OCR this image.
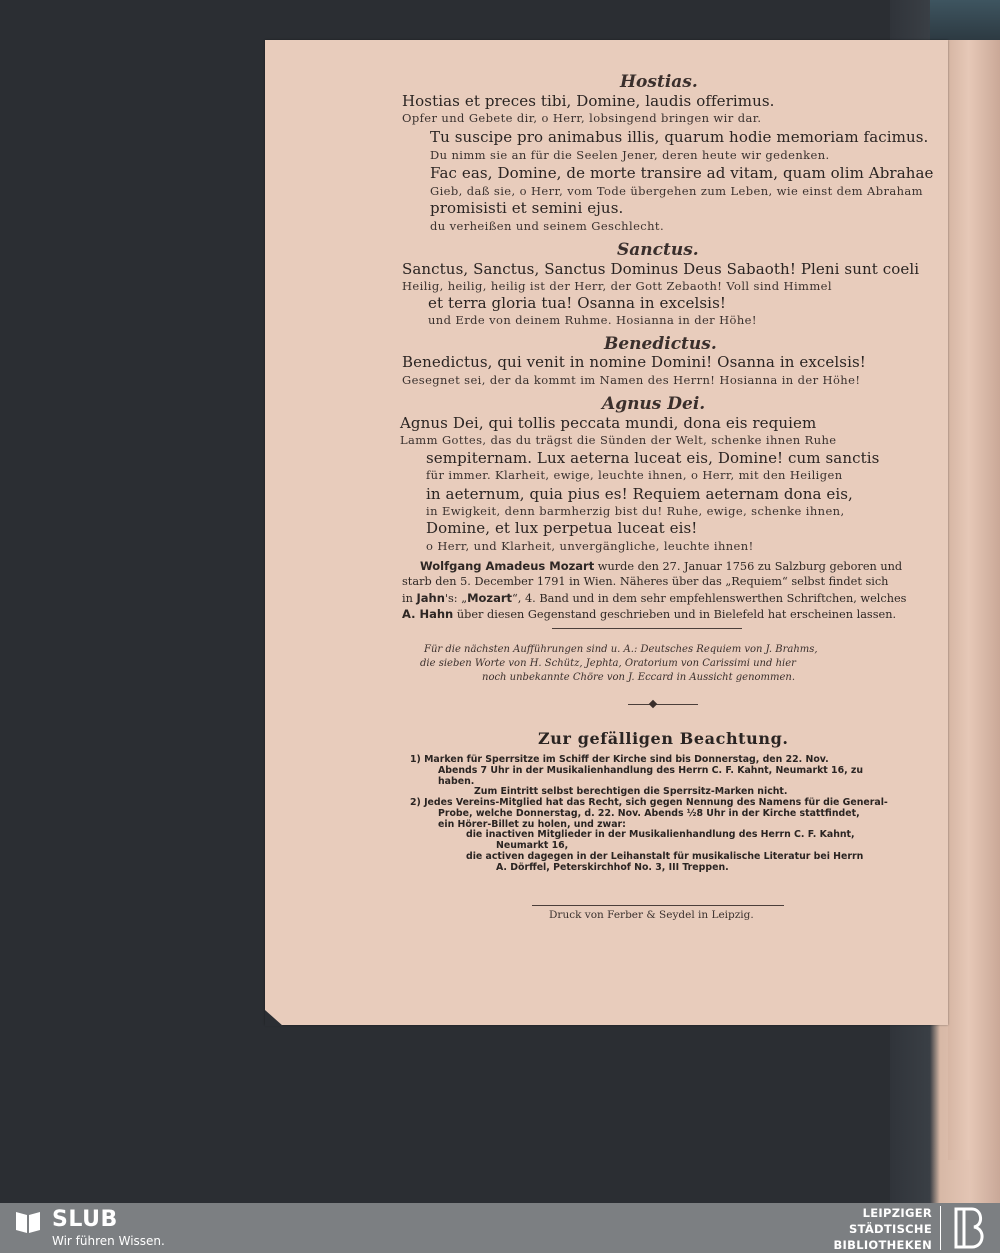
Hostias.
Hostias et preces tibi, Domine, laudis offerimus.
Opfer und Gebete dir, o Herr, lobsingend bringen wir dar.
Tu suscipe pro animabus illis, quarum hodie memoriam facimus.
Du nimm sie an für die Seelen Jener, deren heute wir gedenken.
Fac eas, Domine, de morte transire ad vitam, quam olim Abrahae
Gieb, daß sie, o Herr, vom Tode übergehen zum Leben, wie einst dem Abraham
promisisti et semini ejus.
du verheißen und seinem Geschlecht.
Sanctus.
Sanctus, Sanctus, Sanctus Dominus Deus Sabaoth! Pleni sunt coeli
Heilig, heilig, heilig ist der Herr, der Gott Zebaoth! Voll sind Himmel
et terra gloria tua! Osanna in excelsis!
und Erde von deinem Ruhme. Hosianna in der Höhe!
Benedictus.
Benedictus, qui venit in nomine Domini! Osanna in excelsis!
Gesegnet sei, der da kommt im Namen des Herrn! Hosianna in der Höhe!
Agnus Dei.
Agnus Dei, qui tollis peccata mundi, dona eis requiem
Lamm Gottes, das du trägst die Sünden der Welt, schenke ihnen Ruhe
sempiternam. Lux aeterna luceat eis, Domine! cum sanctis
für immer. Klarheit, ewige, leuchte ihnen, o Herr, mit den Heiligen
in aeternum, quia pius es! Requiem aeternam dona eis,
in Ewigkeit, denn barmherzig bist du! Ruhe, ewige, schenke ihnen,
Domine, et lux perpetua luceat eis!
o Herr, und Klarheit, unvergängliche, leuchte ihnen!
Wolfgang Amadeus Mozart wurde den 27. Januar 1756 zu Salzburg geboren und
starb den 5. December 1791 in Wien. Näheres über das „Requiem“ selbst findet sich
in Jahn's: „Mozart“, 4. Band und in dem sehr empfehlenswerthen Schriftchen, welches
A. Hahn über diesen Gegenstand geschrieben und in Bielefeld hat erscheinen lassen.
Für die nächsten Aufführungen sind u. A.: Deutsches Requiem von J. Brahms,
die sieben Worte von H. Schütz, Jephta, Oratorium von Carissimi und hier
noch unbekannte Chöre von J. Eccard in Aussicht genommen.
Zur gefälligen Beachtung.
1) Marken für Sperrsitze im Schiff der Kirche sind bis Donnerstag, den 22. Nov.
Abends 7 Uhr in der Musikalienhandlung des Herrn C. F. Kahnt, Neumarkt 16, zu
haben.
Zum Eintritt selbst berechtigen die Sperrsitz-Marken nicht.
2) Jedes Vereins-Mitglied hat das Recht, sich gegen Nennung des Namens für die General-
Probe, welche Donnerstag, d. 22. Nov. Abends ½8 Uhr in der Kirche stattfindet,
ein Hörer-Billet zu holen, und zwar:
die inactiven Mitglieder in der Musikalienhandlung des Herrn C. F. Kahnt,
Neumarkt 16,
die activen dagegen in der Leihanstalt für musikalische Literatur bei Herrn
A. Dörffel, Peterskirchhof No. 3, III Treppen.
Druck von Ferber & Seydel in Leipzig.
SLUB
Wir führen Wissen.
LEIPZIGER
STÄDTISCHE
BIBLIOTHEKEN
